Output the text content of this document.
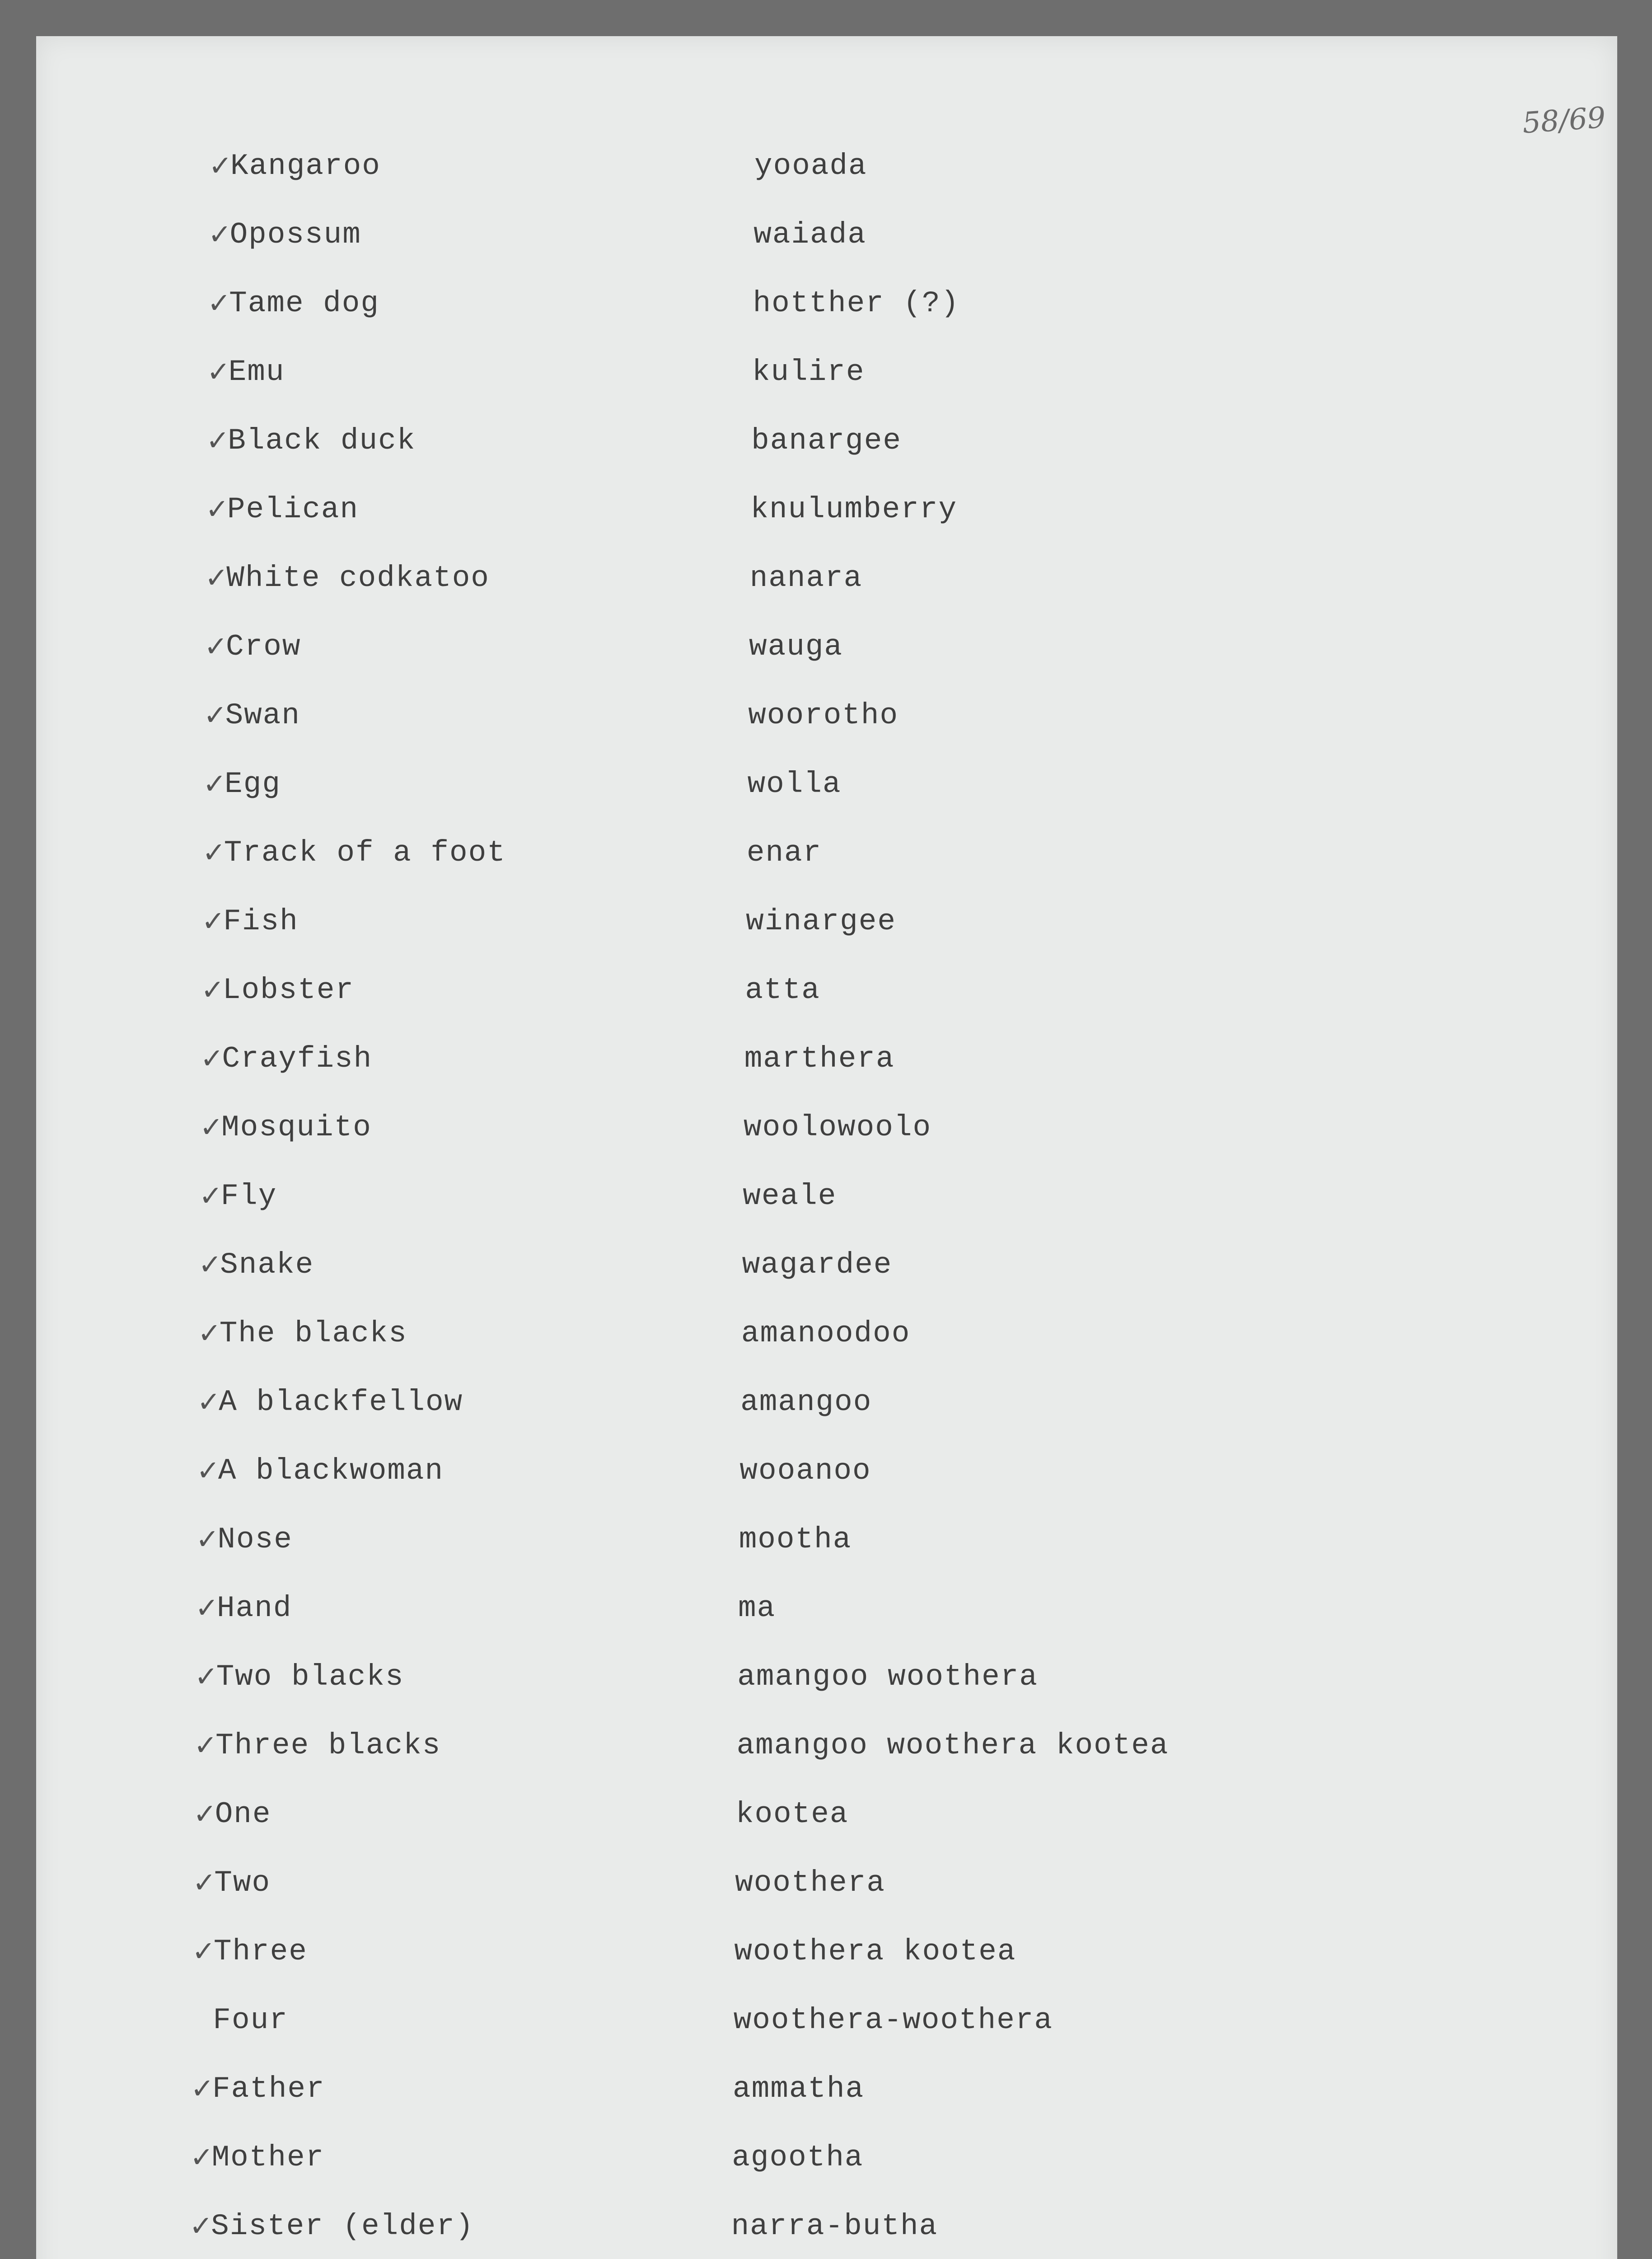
58/69
✓
Kangaroo	yooada
✓
Opossum	waiada
✓
Tame dog	hotther (?)
✓
Emu	kulire
✓
Black duck	banargee
✓
Pelican	knulumberry
✓
White codkatoo	nanara
✓
Crow	wauga
✓
Swan	woorotho
✓
Egg	wolla
✓
Track of a foot	enar
✓
Fish	winargee
✓
Lobster	atta
✓
Crayfish	marthera
✓
Mosquito	woolowoolo
✓
Fly	weale
✓
Snake	wagardee
✓
The blacks	amanoodoo
✓
A blackfellow	amangoo
✓
A blackwoman	wooanoo
✓
Nose	mootha
✓
Hand	ma
✓
Two blacks	amangoo woothera
✓
Three blacks	amangoo woothera kootea
✓
One	kootea
✓
Two	woothera
✓
Three	woothera kootea
Four	woothera-woothera
✓
Father	ammatha
✓
Mother	agootha
✓
Sister (elder)	narra-butha
